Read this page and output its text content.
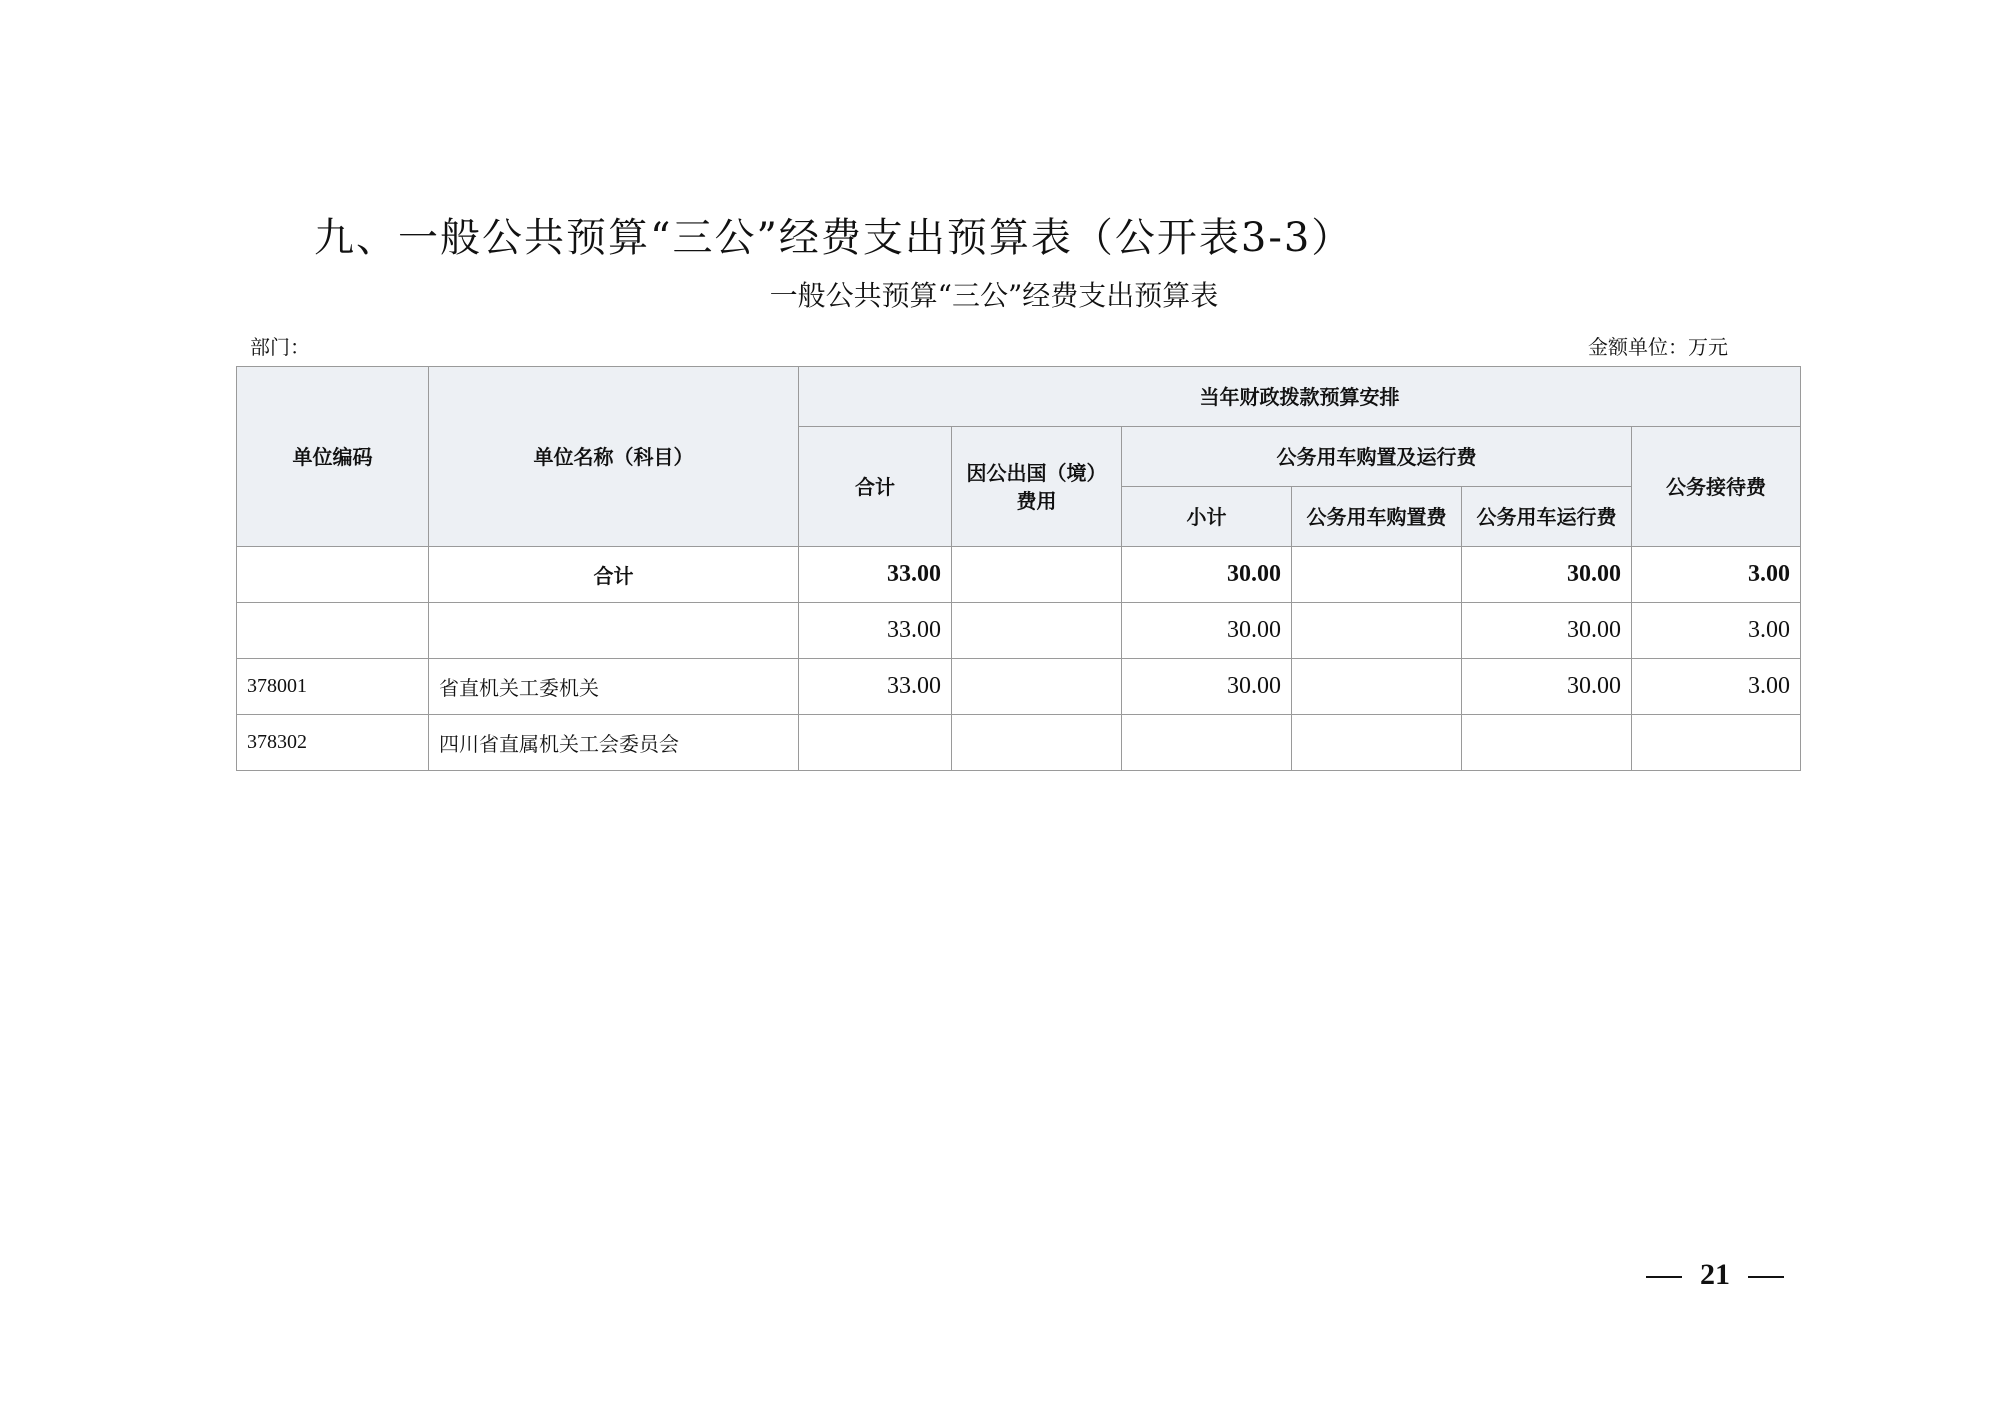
九、一般公共预算“三公”经费支出预算表（公开表3-3）
一般公共预算“三公”经费支出预算表
部门：	金额单位：万元
单位编码	单位名称（科目）	当年财政拨款预算安排					
		合计	因公出国（境）费用	公务用车购置及运行费			公务接待费
				小计	公务用车购置费	公务用车运行费	
	合计	33.00		30.00		30.00	3.00
		33.00		30.00		30.00	3.00
378001	省直机关工委机关	33.00		30.00		30.00	3.00
378302	四川省直属机关工会委员会						
21
